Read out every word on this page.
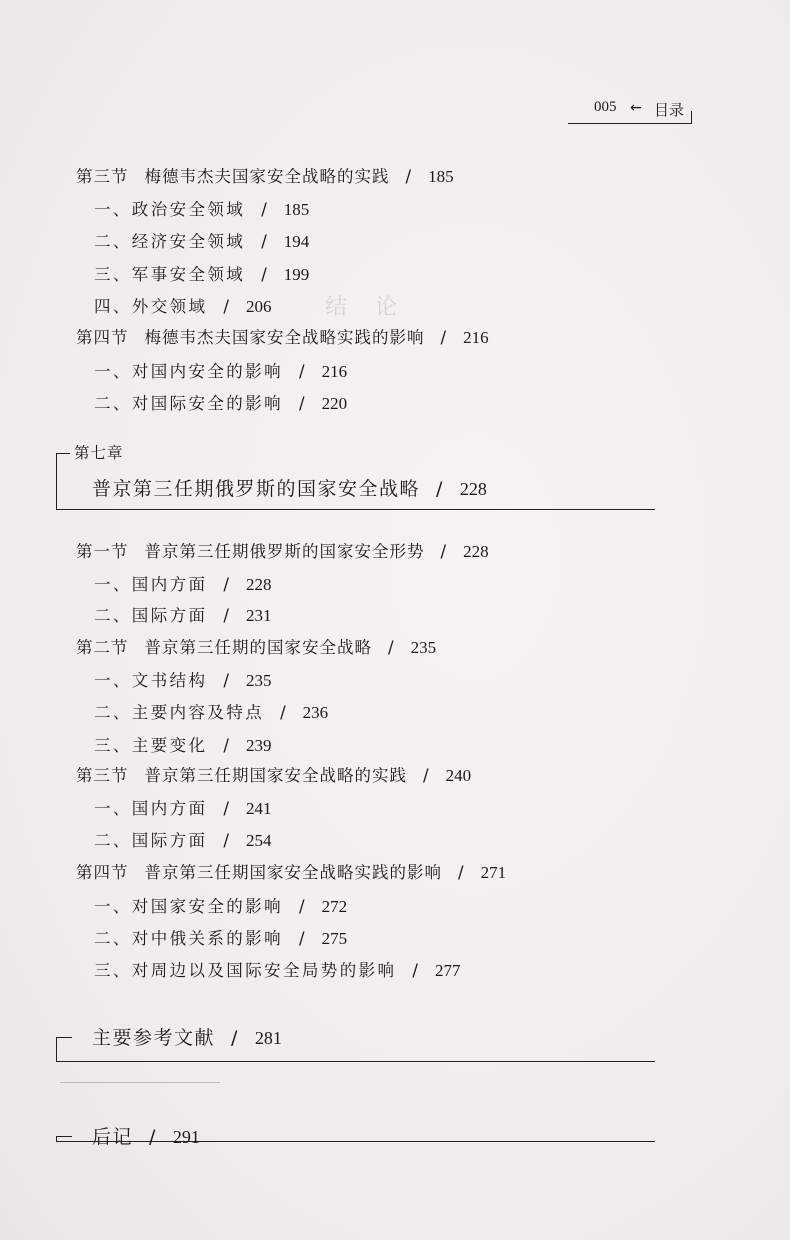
结论
005 ← 目录
第三节 梅德韦杰夫国家安全战略的实践 / 185
一、政治安全领域 / 185
二、经济安全领域 / 194
三、军事安全领域 / 199
四、外交领域 / 206
第四节 梅德韦杰夫国家安全战略实践的影响 / 216
一、对国内安全的影响 / 216
二、对国际安全的影响 / 220
第七章
普京第三任期俄罗斯的国家安全战略 / 228
第一节 普京第三任期俄罗斯的国家安全形势 / 228
一、国内方面 / 228
二、国际方面 / 231
第二节 普京第三任期的国家安全战略 / 235
一、文书结构 / 235
二、主要内容及特点 / 236
三、主要变化 / 239
第三节 普京第三任期国家安全战略的实践 / 240
一、国内方面 / 241
二、国际方面 / 254
第四节 普京第三任期国家安全战略实践的影响 / 271
一、对国家安全的影响 / 272
二、对中俄关系的影响 / 275
三、对周边以及国际安全局势的影响 / 277
主要参考文献 / 281
后记 / 291
